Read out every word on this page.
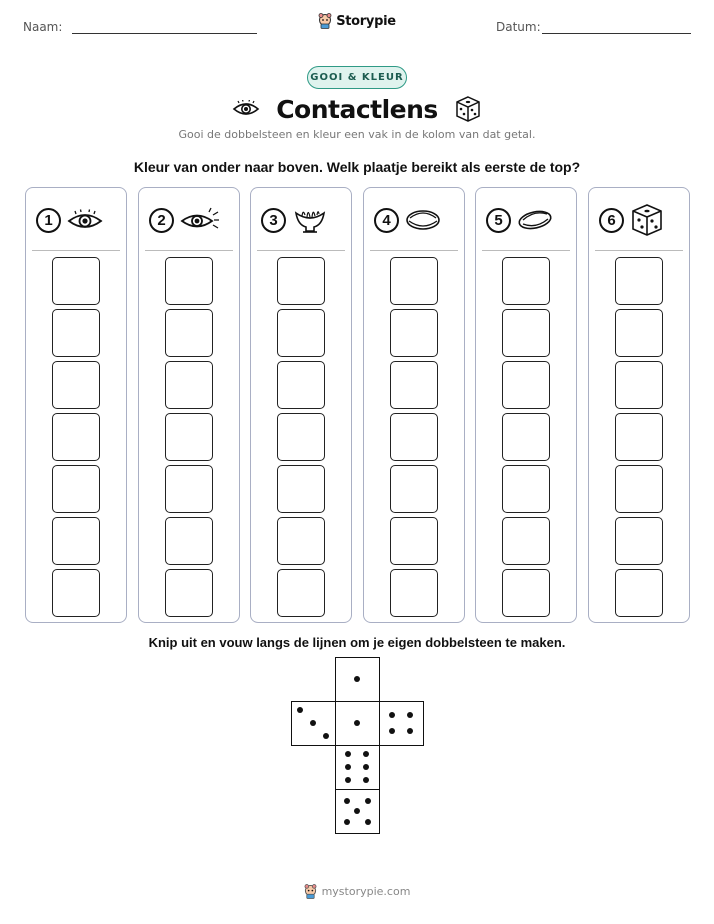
Naam:	Storypie	Datum:
GOOI & KLEUR
Contactlens
Gooi de dobbelsteen en kleur een vak in de kolom van dat getal.
Kleur van onder naar boven. Welk plaatje bereikt als eerste de top?
1	2	3	4	5	6
Knip uit en vouw langs de lijnen om je eigen dobbelsteen te maken.
mystorypie.com
